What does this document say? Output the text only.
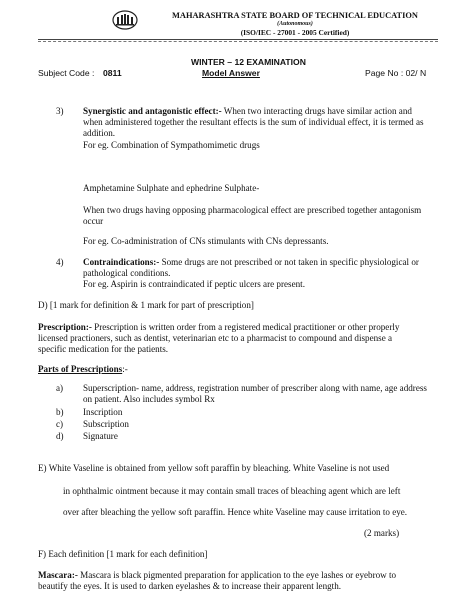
MAHARASHTRA STATE BOARD OF TECHNICAL EDUCATION
(Autonomous)
(ISO/IEC - 27001 - 2005 Certified)
WINTER – 12 EXAMINATION
Subject Code : 0811	Model Answer	Page No : 02/ N
3) Synergistic and antagonistic effect:- When two interacting drugs have similar action and
when administered together the resultant effects is the sum of individual effect, it is termed as
addition.
For eg. Combination of Sympathomimetic drugs
Amphetamine Sulphate and ephedrine Sulphate-
When two drugs having opposing pharmacological effect are prescribed together antagonism
occur
For eg. Co-administration of CNs stimulants with CNs depressants.
4) Contraindications:- Some drugs are not prescribed or not taken in specific physiological or
pathological conditions.
For eg. Aspirin is contraindicated if peptic ulcers are present.
D) [1 mark for definition & 1 mark for part of prescription]
Prescription:- Prescription is written order from a registered medical practitioner or other properly
licensed practioners, such as dentist, veterinarian etc to a pharmacist to compound and dispense a
specific medication for the patients.
Parts of Prescriptions:-
a) Superscription- name, address, registration number of prescriber along with name, age address
on patient. Also includes symbol Rx
b) Inscription
c) Subscription
d) Signature
E) White Vaseline is obtained from yellow soft paraffin by bleaching. White Vaseline is not used
in ophthalmic ointment because it may contain small traces of bleaching agent which are left
over after bleaching the yellow soft paraffin. Hence white Vaseline may cause irritation to eye.
(2 marks)
F) Each definition [1 mark for each definition]
Mascara:- Mascara is black pigmented preparation for application to the eye lashes or eyebrow to
beautify the eyes. It is used to darken eyelashes & to increase their apparent length.
